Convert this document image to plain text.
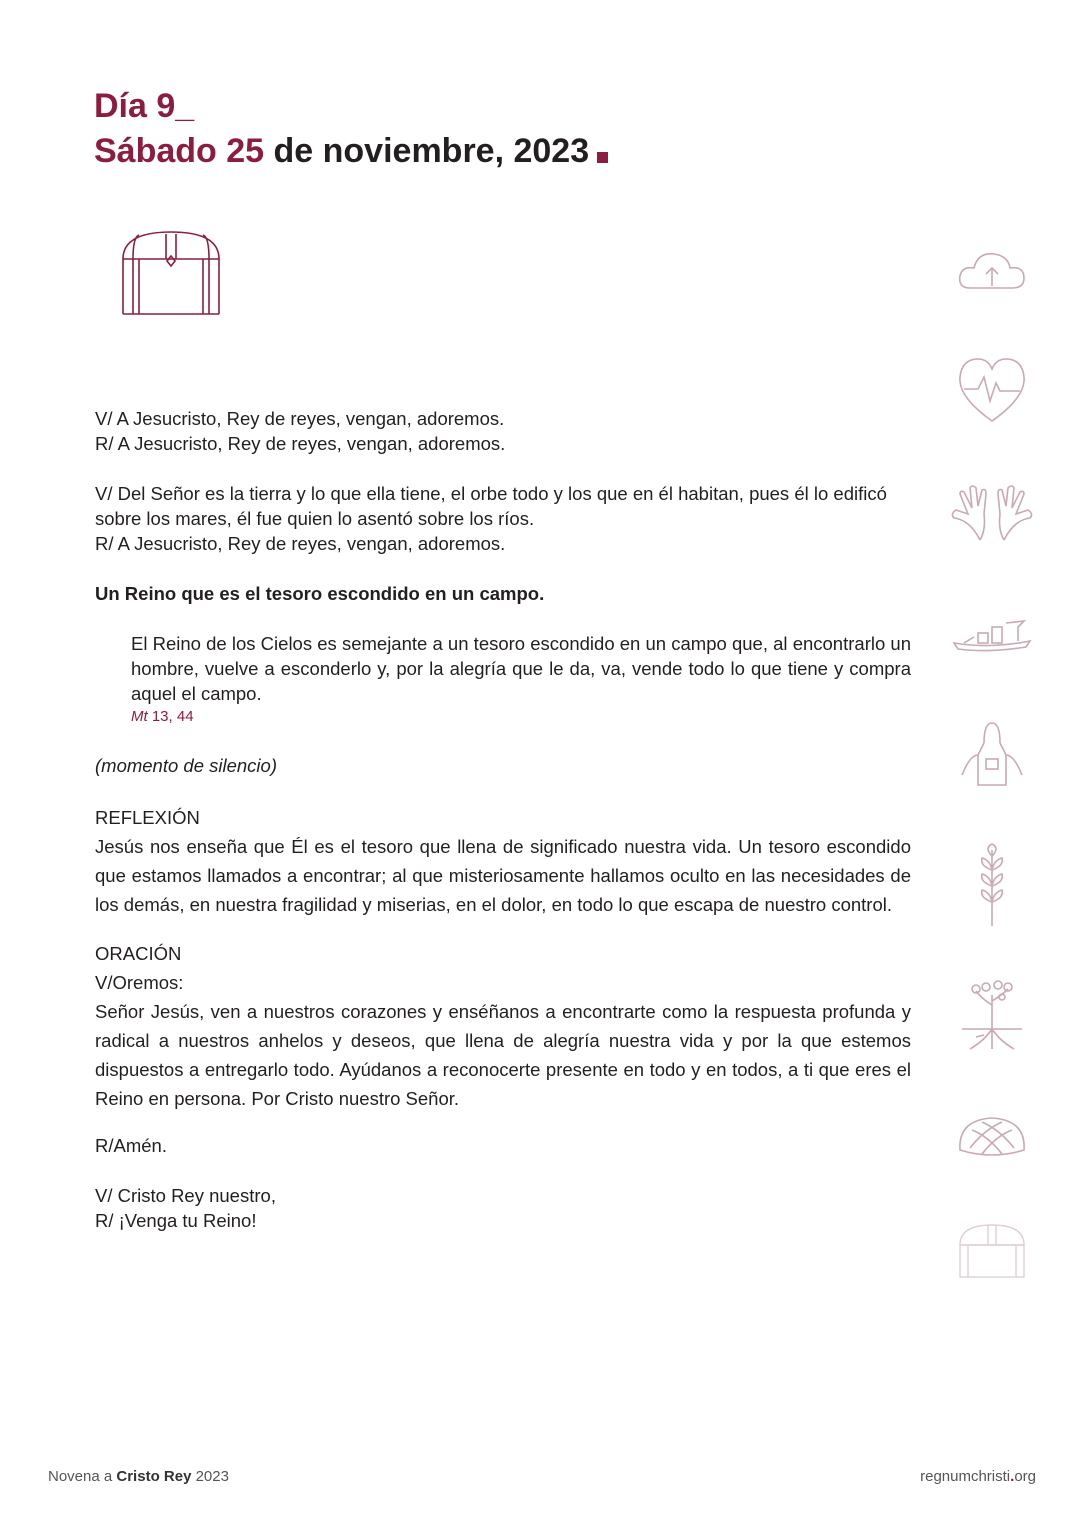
Día 9_
Sábado 25 de noviembre, 2023
V/ A Jesucristo, Rey de reyes, vengan, adoremos.
R/ A Jesucristo, Rey de reyes, vengan, adoremos.
V/ Del Señor es la tierra y lo que ella tiene, el orbe todo y los que en él habitan, pues él lo edificó sobre los mares, él fue quien lo asentó sobre los ríos.
R/ A Jesucristo, Rey de reyes, vengan, adoremos.
Un Reino que es el tesoro escondido en un campo.
El Reino de los Cielos es semejante a un tesoro escondido en un campo que, al encontrarlo un hombre, vuelve a esconderlo y, por la alegría que le da, va, vende todo lo que tiene y compra aquel el campo.
Mt 13, 44
(momento de silencio)
REFLEXIÓN
Jesús nos enseña que Él es el tesoro que llena de significado nuestra vida. Un tesoro escondido que estamos llamados a encontrar; al que misteriosamente hallamos oculto en las necesidades de los demás, en nuestra fragilidad y miserias, en el dolor, en todo lo que escapa de nuestro control.
ORACIÓN
V/Oremos:
Señor Jesús, ven a nuestros corazones y enséñanos a encontrarte como la respuesta profunda y radical a nuestros anhelos y deseos, que llena de alegría nuestra vida y por la que estemos dispuestos a entregarlo todo. Ayúdanos a reconocerte presente en todo y en todos, a ti que eres el Reino en persona. Por Cristo nuestro Señor.
R/Amén.
V/ Cristo Rey nuestro,
R/ ¡Venga tu Reino!
Novena a Cristo Rey 2023	regnumchristi.org
